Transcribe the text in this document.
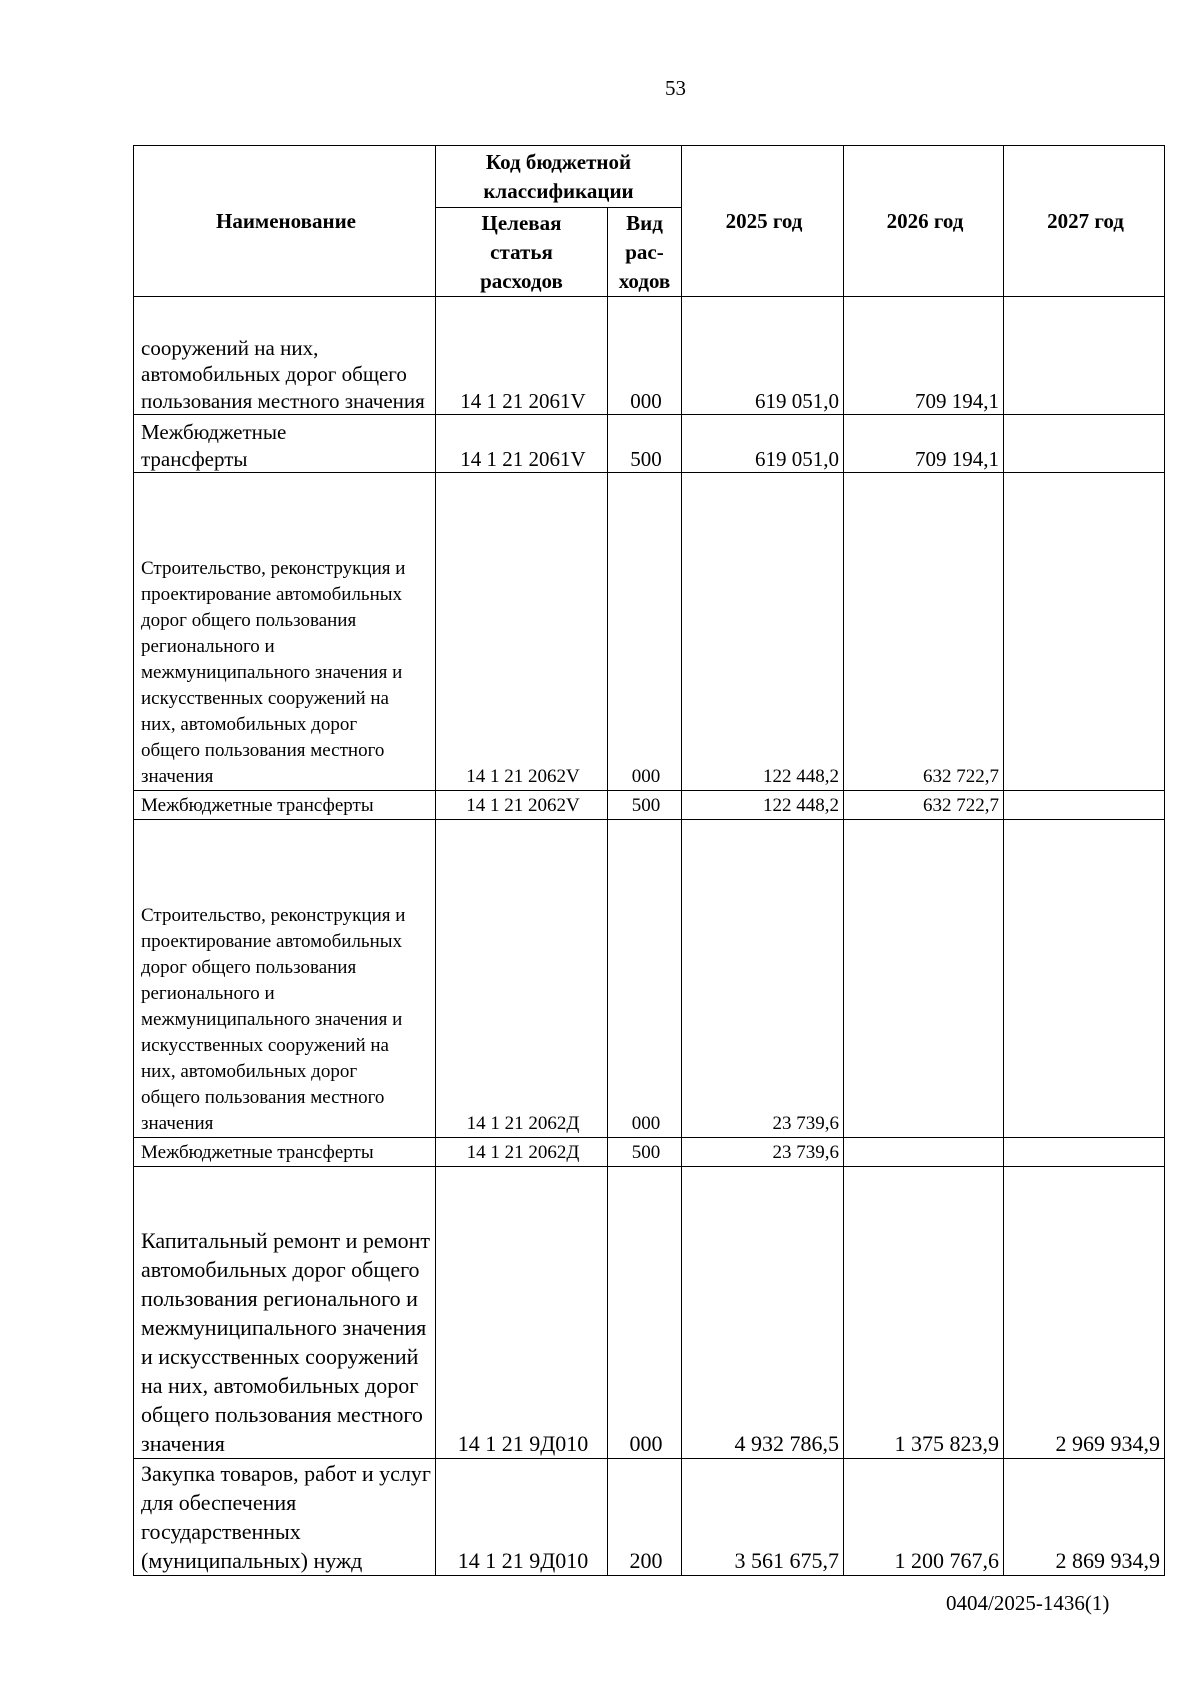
53
Наименование	Код бюджетной классификации		2025 год	2026 год	2027 год
	Целевая статья расходов	Вид рас-ходов			
сооружений на них, автомобильных дорог общего пользования местного значения	14 1 21 2061V	000	619 051,0	709 194,1	
Межбюджетные трансферты	14 1 21 2061V	500	619 051,0	709 194,1	
Строительство, реконструкция и проектирование автомобильных дорог общего пользования регионального и межмуниципального значения и искусственных сооружений на них, автомобильных дорог общего пользования местного значения	14 1 21 2062V	000	122 448,2	632 722,7	
Межбюджетные трансферты	14 1 21 2062V	500	122 448,2	632 722,7	
Строительство, реконструкция и проектирование автомобильных дорог общего пользования регионального и межмуниципального значения и искусственных сооружений на них, автомобильных дорог общего пользования местного значения	14 1 21 2062Д	000	23 739,6		
Межбюджетные трансферты	14 1 21 2062Д	500	23 739,6		
Капитальный ремонт и ремонт автомобильных дорог общего пользования регионального и межмуниципального значения и искусственных сооружений на них, автомобильных дорог общего пользования местного значения	14 1 21 9Д010	000	4 932 786,5	1 375 823,9	2 969 934,9
Закупка товаров, работ и услуг для обеспечения государственных (муниципальных) нужд	14 1 21 9Д010	200	3 561 675,7	1 200 767,6	2 869 934,9
0404/2025-1436(1)
